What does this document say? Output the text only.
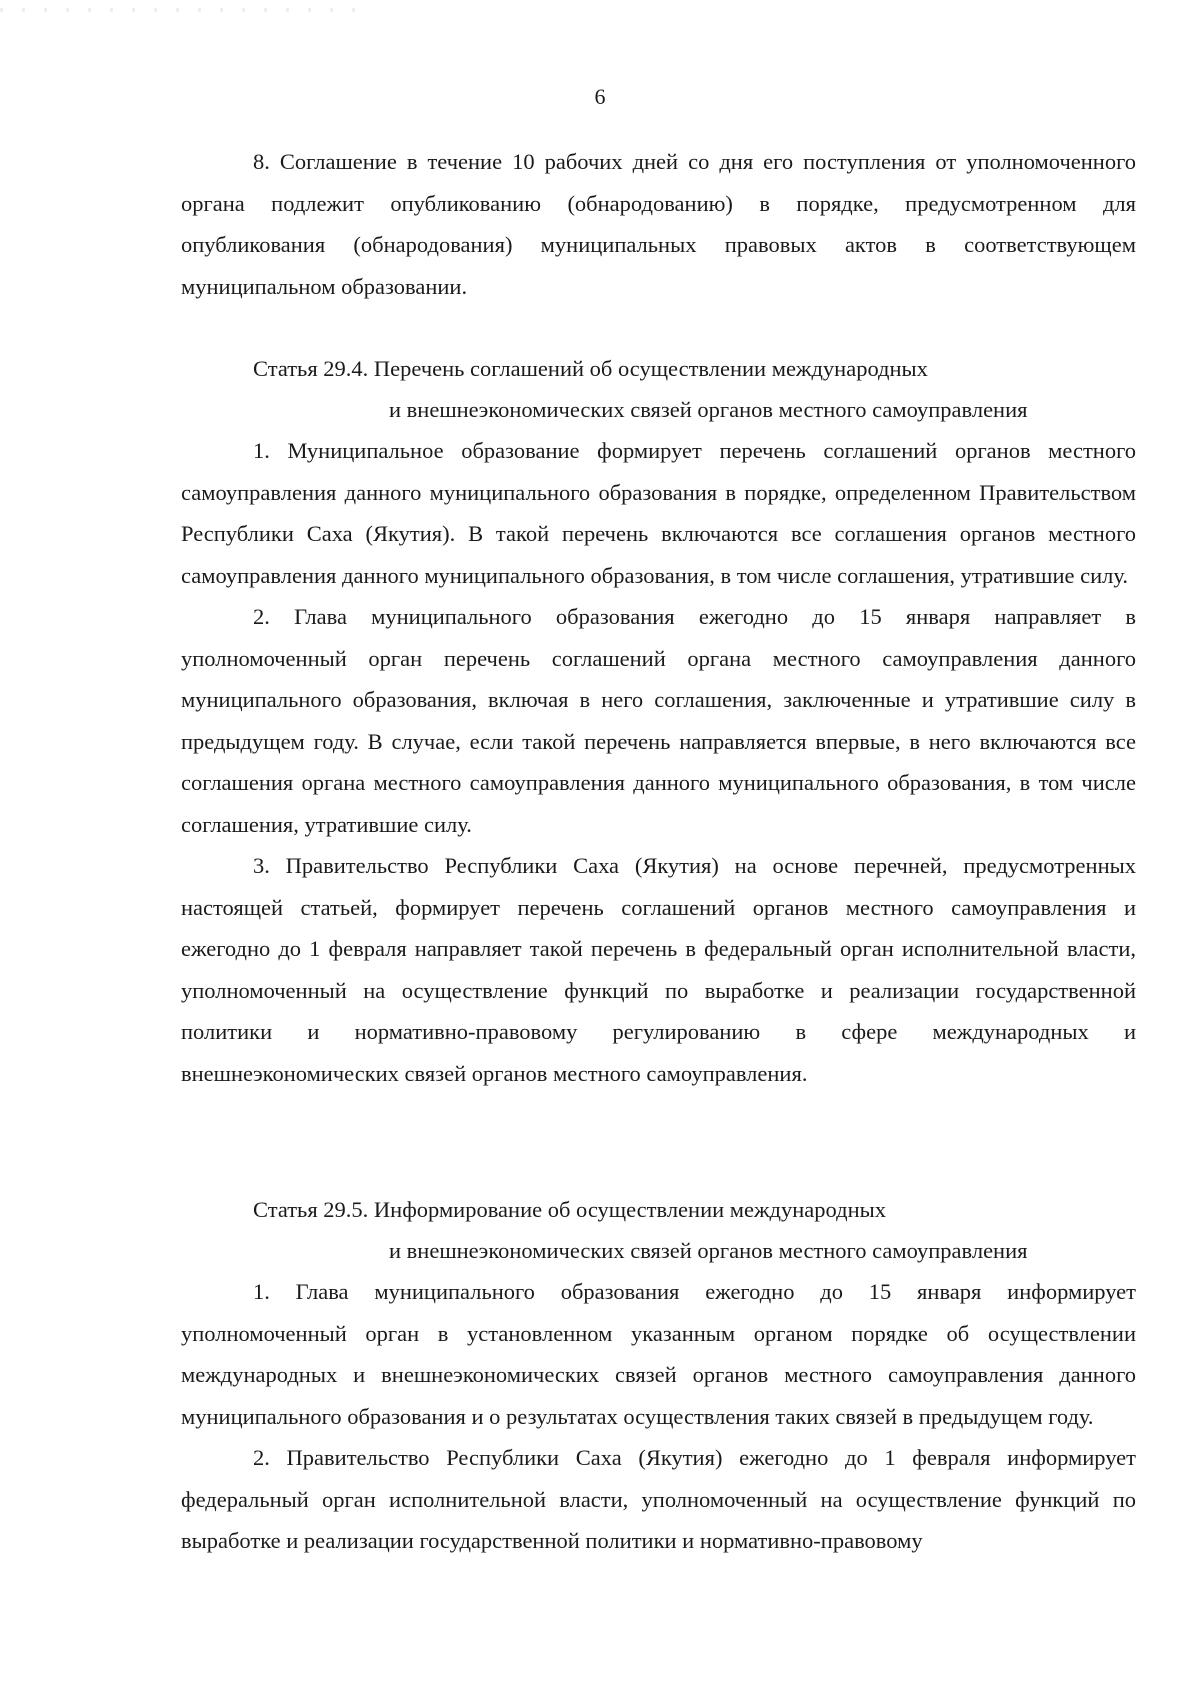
6

8. Соглашение в течение 10 рабочих дней со дня его поступления от уполномоченного органа подлежит опубликованию (обнародованию) в порядке, предусмотренном для опубликования (обнародования) муниципальных правовых актов в соответствующем муниципальном образовании.

Статья 29.4. Перечень соглашений об осуществлении международных
и внешнеэкономических связей органов местного самоуправления

1. Муниципальное образование формирует перечень соглашений органов местного самоуправления данного муниципального образования в порядке, определенном Правительством Республики Саха (Якутия). В такой перечень включаются все соглашения органов местного самоуправления данного муниципального образования, в том числе соглашения, утратившие силу.

2. Глава муниципального образования ежегодно до 15 января направляет в уполномоченный орган перечень соглашений органа местного самоуправления данного муниципального образования, включая в него соглашения, заключенные и утратившие силу в предыдущем году. В случае, если такой перечень направляется впервые, в него включаются все соглашения органа местного самоуправления данного муниципального образования, в том числе соглашения, утратившие силу.

3. Правительство Республики Саха (Якутия) на основе перечней, предусмотренных настоящей статьей, формирует перечень соглашений органов местного самоуправления и ежегодно до 1 февраля направляет такой перечень в федеральный орган исполнительной власти, уполномоченный на осуществление функций по выработке и реализации государственной политики и нормативно-правовому регулированию в сфере международных и внешнеэкономических связей органов местного самоуправления.

Статья 29.5. Информирование об осуществлении международных
и внешнеэкономических связей органов местного самоуправления

1. Глава муниципального образования ежегодно до 15 января информирует уполномоченный орган в установленном указанным органом порядке об осуществлении международных и внешнеэкономических связей органов местного самоуправления данного муниципального образования и о результатах осуществления таких связей в предыдущем году.

2. Правительство Республики Саха (Якутия) ежегодно до 1 февраля информирует федеральный орган исполнительной власти, уполномоченный на осуществление функций по выработке и реализации государственной политики и нормативно-правовому
